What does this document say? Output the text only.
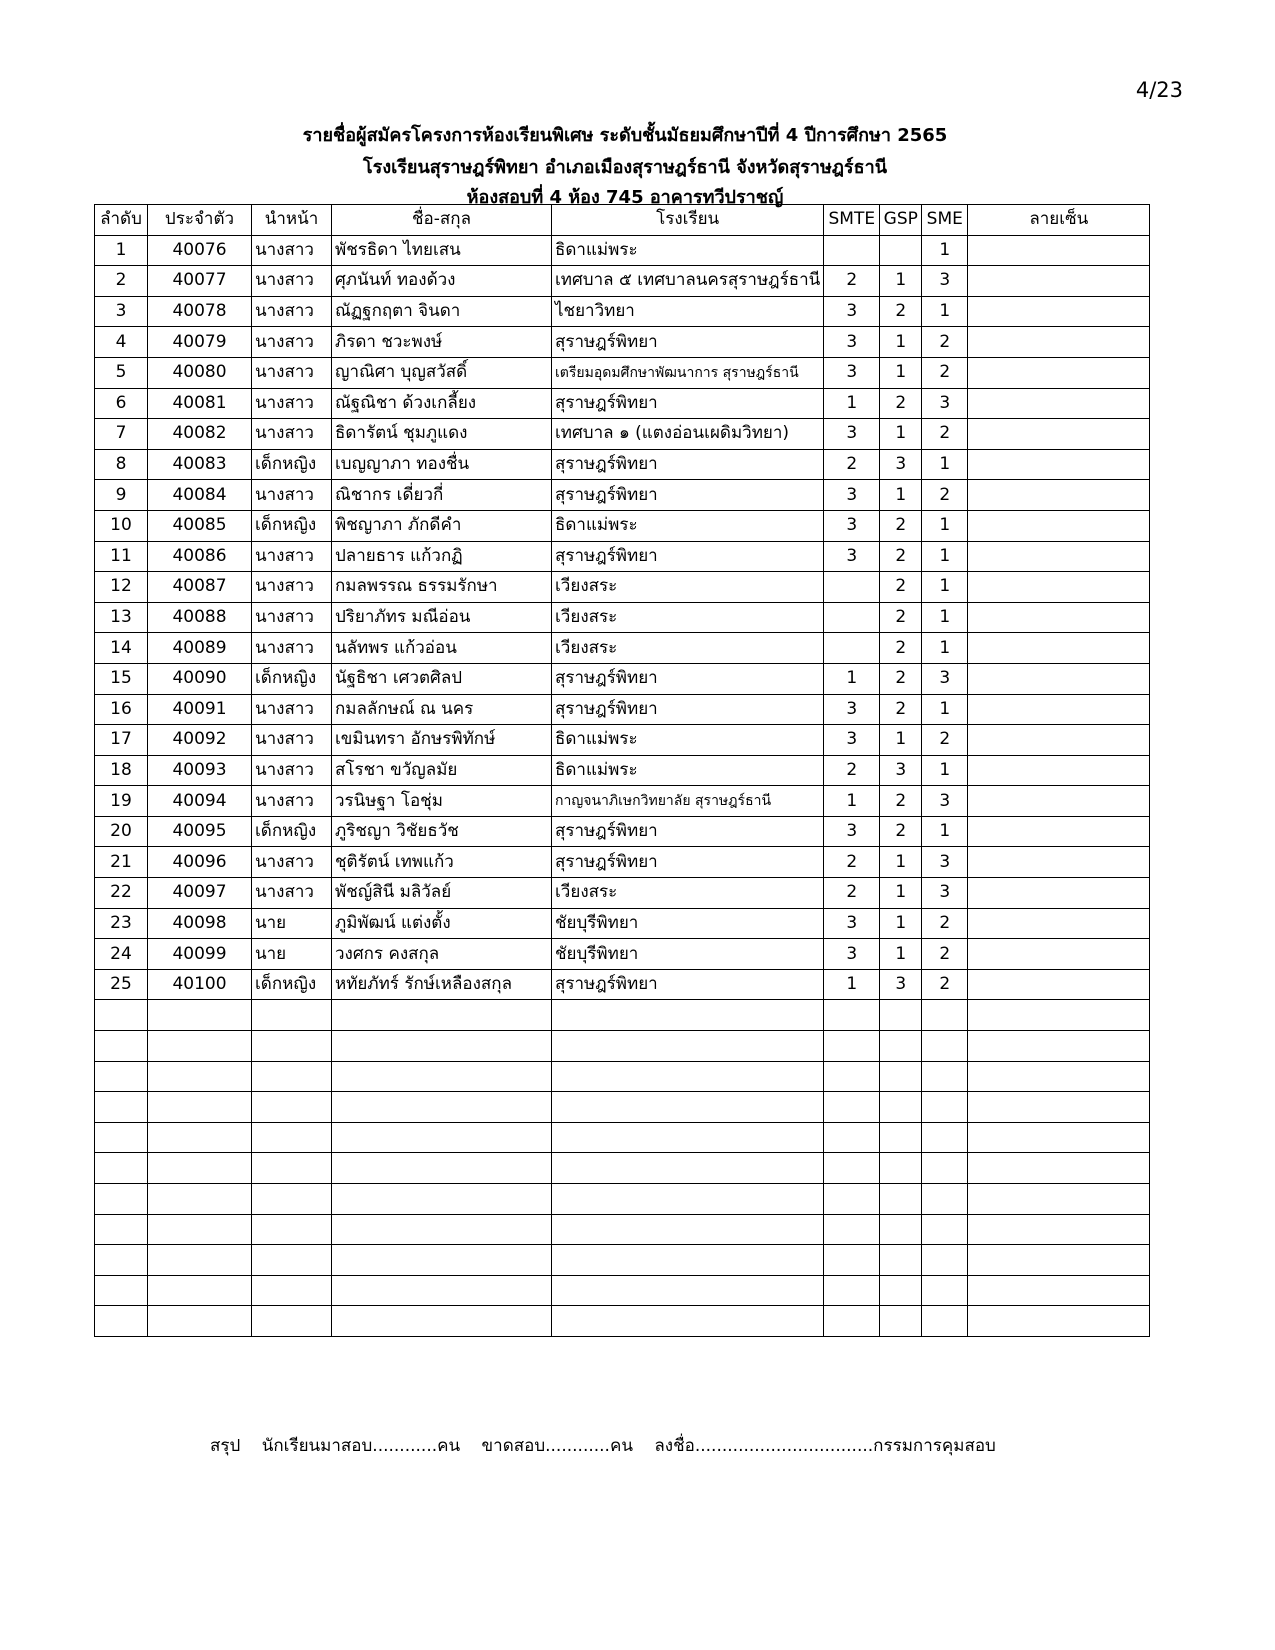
4/23
รายชื่อผู้สมัครโครงการห้องเรียนพิเศษ ระดับชั้นมัธยมศึกษาปีที่ 4 ปีการศึกษา 2565
โรงเรียนสุราษฎร์พิทยา อำเภอเมืองสุราษฎร์ธานี จังหวัดสุราษฎร์ธานี
ห้องสอบที่ 4 ห้อง 745 อาคารทวีปราชญ์
ลำดับ	ประจำตัว	นำหน้า	ชื่อ-สกุล	โรงเรียน	SMTE	GSP	SME	ลายเซ็น
1	40076	นางสาว	พัชรธิดา ไทยเสน	ธิดาแม่พระ			1	
2	40077	นางสาว	ศุภนันท์ ทองด้วง	เทศบาล ๕ เทศบาลนครสุราษฎร์ธานี	2	1	3	
3	40078	นางสาว	ณัฏฐกฤตา จินดา	ไชยาวิทยา	3	2	1	
4	40079	นางสาว	ภิรดา ชวะพงษ์	สุราษฎร์พิทยา	3	1	2	
5	40080	นางสาว	ญาณิศา บุญสวัสดิ์	เตรียมอุดมศึกษาพัฒนาการ สุราษฎร์ธานี	3	1	2	
6	40081	นางสาว	ณัฐณิชา ด้วงเกลี้ยง	สุราษฎร์พิทยา	1	2	3	
7	40082	นางสาว	ธิดารัตน์ ชุมภูแดง	เทศบาล ๑ (แตงอ่อนเผดิมวิทยา)	3	1	2	
8	40083	เด็กหญิง	เบญญาภา ทองชื่น	สุราษฎร์พิทยา	2	3	1	
9	40084	นางสาว	ณิชากร เดี่ยวกี่	สุราษฎร์พิทยา	3	1	2	
10	40085	เด็กหญิง	พิชญาภา ภักดีคำ	ธิดาแม่พระ	3	2	1	
11	40086	นางสาว	ปลายธาร แก้วกฏิ	สุราษฎร์พิทยา	3	2	1	
12	40087	นางสาว	กมลพรรณ ธรรมรักษา	เวียงสระ		2	1	
13	40088	นางสาว	ปริยาภัทร มณีอ่อน	เวียงสระ		2	1	
14	40089	นางสาว	นลัทพร แก้วอ่อน	เวียงสระ		2	1	
15	40090	เด็กหญิง	นัฐธิชา เศวตศิลป	สุราษฎร์พิทยา	1	2	3	
16	40091	นางสาว	กมลลักษณ์ ณ นคร	สุราษฎร์พิทยา	3	2	1	
17	40092	นางสาว	เขมินทรา อักษรพิทักษ์	ธิดาแม่พระ	3	1	2	
18	40093	นางสาว	สโรชา ขวัญลมัย	ธิดาแม่พระ	2	3	1	
19	40094	นางสาว	วรนิษฐา โอชุ่ม	กาญจนาภิเษกวิทยาลัย สุราษฎร์ธานี	1	2	3	
20	40095	เด็กหญิง	ภูริชญา วิชัยธวัช	สุราษฎร์พิทยา	3	2	1	
21	40096	นางสาว	ชุติรัตน์ เทพแก้ว	สุราษฎร์พิทยา	2	1	3	
22	40097	นางสาว	พัชญ์สินี มลิวัลย์	เวียงสระ	2	1	3	
23	40098	นาย	ภูมิพัฒน์ แต่งตั้ง	ชัยบุรีพิทยา	3	1	2	
24	40099	นาย	วงศกร คงสกุล	ชัยบุรีพิทยา	3	1	2	
25	40100	เด็กหญิง	หทัยภัทร์ รักษ์เหลืองสกุล	สุราษฎร์พิทยา	1	3	2	

สรุป นักเรียนมาสอบ............คน ขาดสอบ............คน ลงชื่อ.................................กรรมการคุมสอบ
